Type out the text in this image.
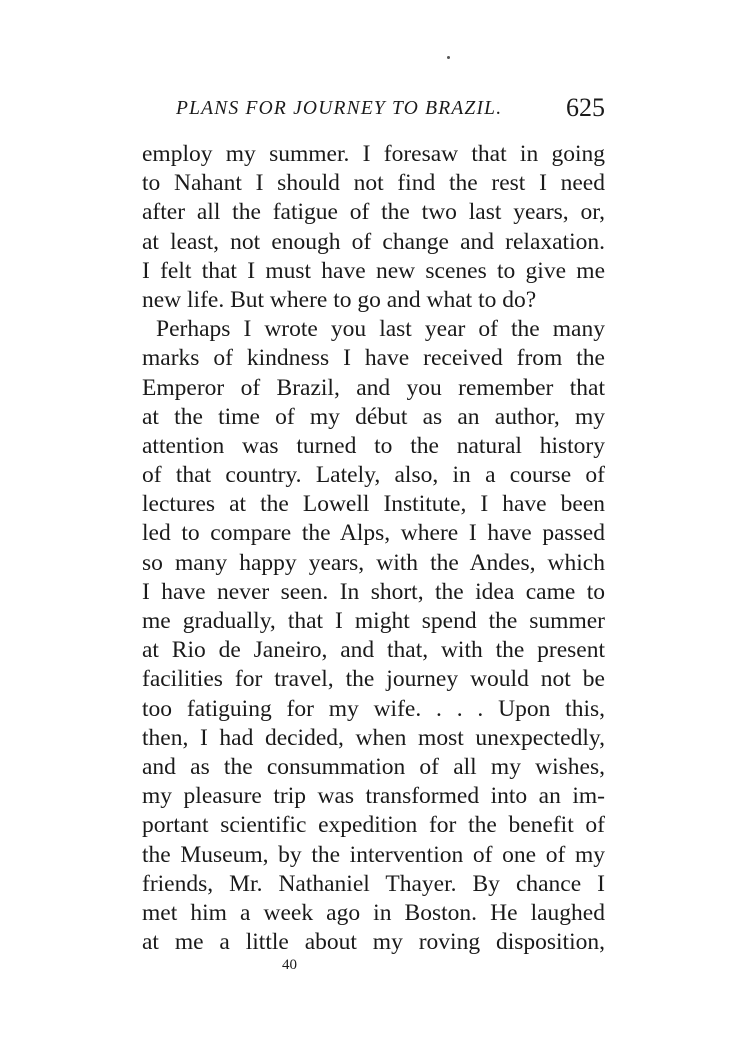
PLANS FOR JOURNEY TO BRAZIL. 625
employ my summer. I foresaw that in going
to Nahant I should not find the rest I need
after all the fatigue of the two last years, or,
at least, not enough of change and relaxation.
I felt that I must have new scenes to give me
new life. But where to go and what to do?
Perhaps I wrote you last year of the many
marks of kindness I have received from the
Emperor of Brazil, and you remember that
at the time of my début as an author, my
attention was turned to the natural history
of that country. Lately, also, in a course of
lectures at the Lowell Institute, I have been
led to compare the Alps, where I have passed
so many happy years, with the Andes, which
I have never seen. In short, the idea came to
me gradually, that I might spend the summer
at Rio de Janeiro, and that, with the present
facilities for travel, the journey would not be
too fatiguing for my wife. . . . Upon this,
then, I had decided, when most unexpectedly,
and as the consummation of all my wishes,
my pleasure trip was transformed into an im-
portant scientific expedition for the benefit of
the Museum, by the intervention of one of my
friends, Mr. Nathaniel Thayer. By chance I
met him a week ago in Boston. He laughed
at me a little about my roving disposition,
40
